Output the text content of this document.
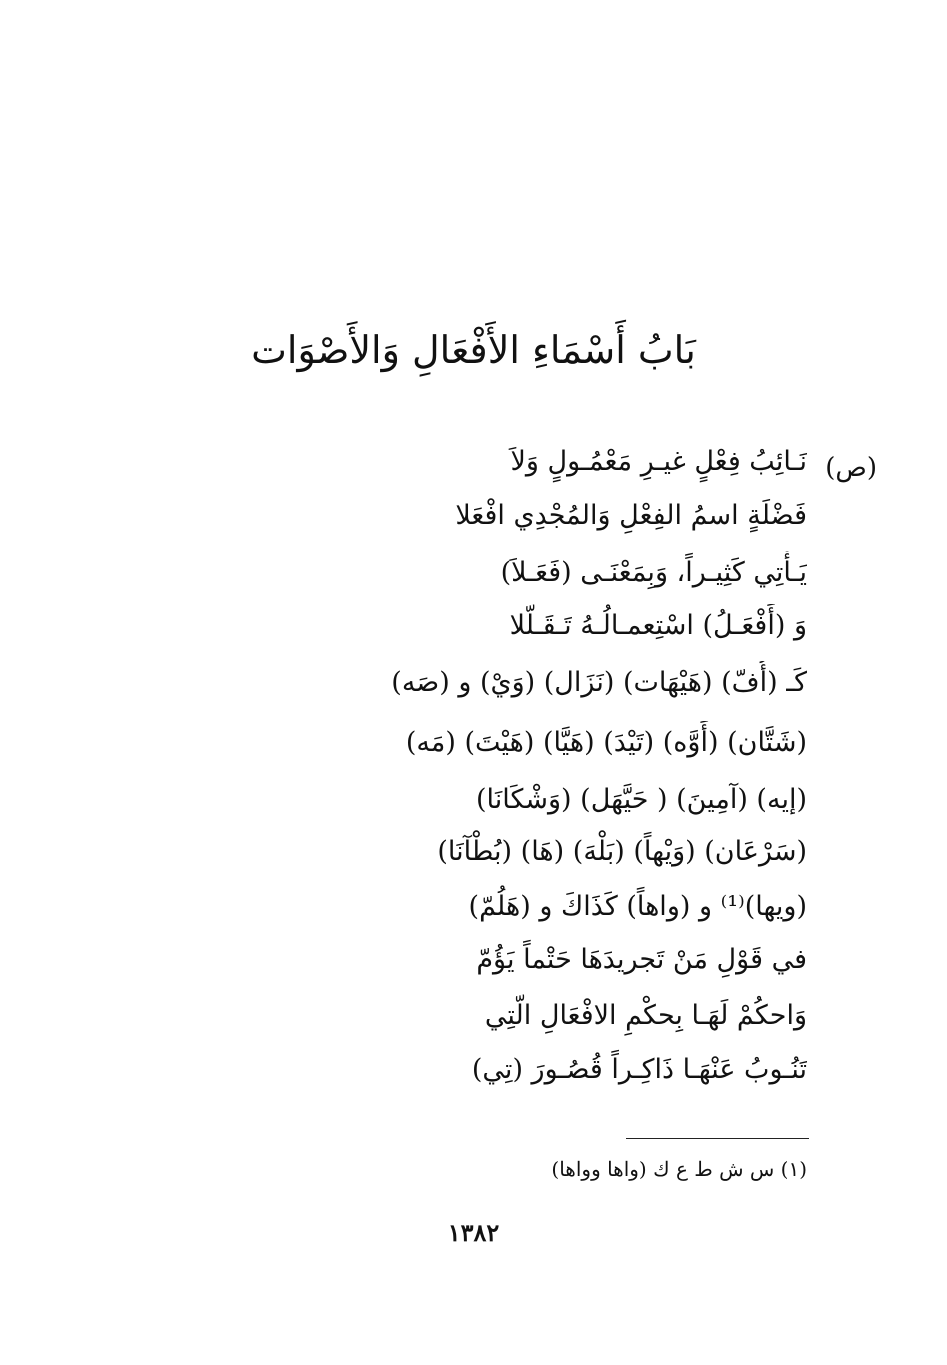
بَابُ أَسْمَاءِ الأَفْعَالِ وَالأَصْوَات
(ص)
نَـائِبُ فِعْلٍ غيـرِ مَعْمُـولٍ وَلاَ
فَضْلَةٍ اسمُ الفِعْلِ وَالمُجْدِي افْعَلا
يَـأْتِي كَثِيـراً، وَبِمَعْنَـى (فَعَـلاَ)
وَ (أَفْعَـلُ) اسْتِعمـالُـهُ تَـقَـلَّلا
كَـ (أُفّ) (هَيْهَات) (نَزَال) (وَيْ) و (صَه)
(شَتَّان) (أَوَّه) (تَيْدَ) (هَيَّا) (هَيْتَ) (مَه)
(إيه) (آمِينَ) ( حَيَّهَل) (وَشْكَانَا)
(سَرْعَان) (وَيْهاً) (بَلْهَ) (هَا) (بُطْآنَا)
(ويها)⁽¹⁾ و (واهاً) كَذَاكَ و (هَلُمّ)
في قَوْلِ مَنْ تَجريدَهَا حَتْماً يَؤُمّ
وَاحكُمْ لَهَـا بِحكْمِ الافْعَالِ الَّتِي
تَنُـوبُ عَنْهَـا ذَاكِـراً قُصُـورَ (تِي)
(١) س ش ط ع ك (واها وواها)
١٣٨٢
